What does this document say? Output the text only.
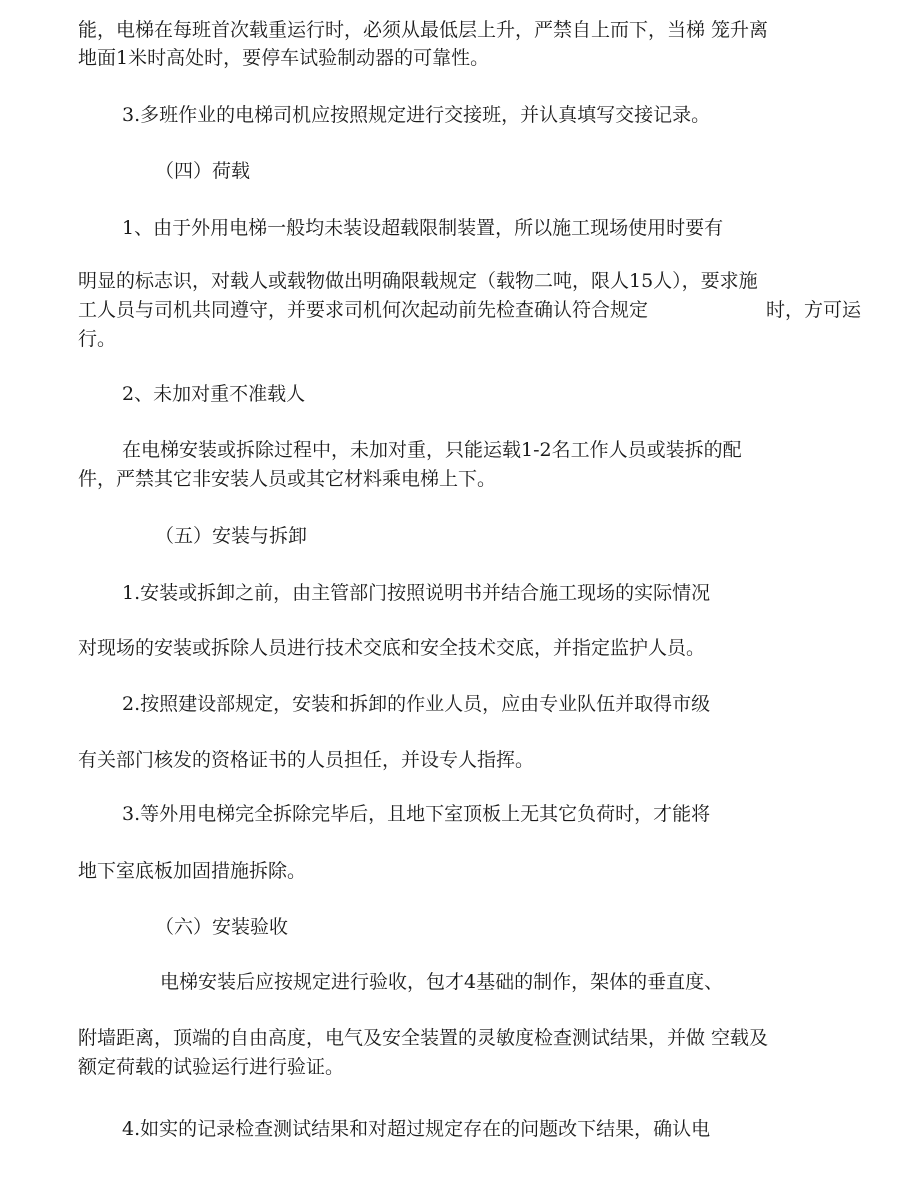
能，电梯在每班首次载重运行时，必须从最低层上升，严禁自上而下，当梯 笼升离
地面1米时高处时，要停车试验制动器的可靠性。
3.多班作业的电梯司机应按照规定进行交接班，并认真填写交接记录。
（四）荷载
1、由于外用电梯一般均未装设超载限制装置，所以施工现场使用时要有
明显的标志识，对载人或载物做出明确限载规定（载物二吨，限人15人），要求施
工人员与司机共同遵守，并要求司机何次起动前先检查确认符合规定	时，方可运
行。
2、未加对重不准载人
在电梯安装或拆除过程中，未加对重，只能运载1-2名工作人员或装拆的配
件，严禁其它非安装人员或其它材料乘电梯上下。
（五）安装与拆卸
1.安装或拆卸之前，由主管部门按照说明书并结合施工现场的实际情况
对现场的安装或拆除人员进行技术交底和安全技术交底，并指定监护人员。
2.按照建设部规定，安装和拆卸的作业人员，应由专业队伍并取得市级
有关部门核发的资格证书的人员担任，并设专人指挥。
3.等外用电梯完全拆除完毕后，且地下室顶板上无其它负荷时，才能将
地下室底板加固措施拆除。
（六）安装验收
电梯安装后应按规定进行验收，包才4基础的制作，架体的垂直度、
附墙距离，顶端的自由高度，电气及安全装置的灵敏度检查测试结果，并做 空载及
额定荷载的试验运行进行验证。
4.如实的记录检查测试结果和对超过规定存在的问题改下结果，确认电
